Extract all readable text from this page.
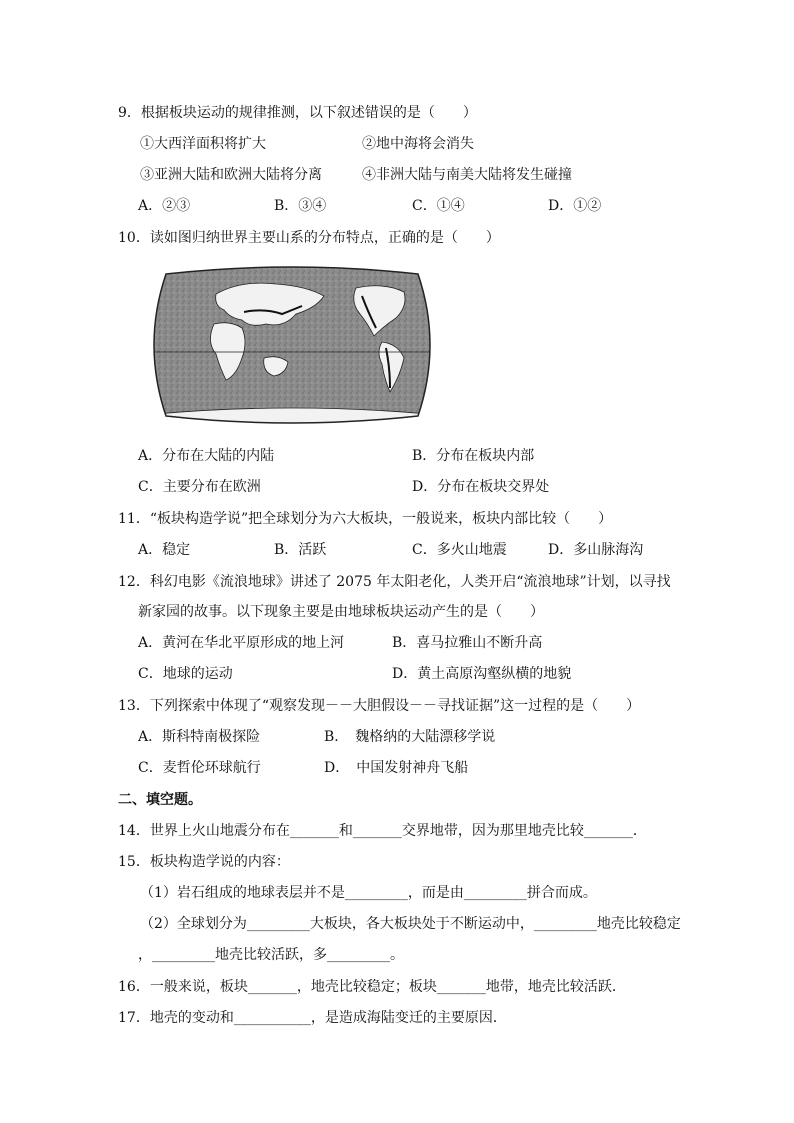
9．根据板块运动的规律推测，以下叙述错误的是（　　）
①大西洋面积将扩大	②地中海将会消失
③亚洲大陆和欧洲大陆将分离	④非洲大陆与南美大陆将发生碰撞
A．②③	B．③④	C．①④	D．①②
10．读如图归纳世界主要山系的分布特点，正确的是（　　）
A．分布在大陆的内陆	B．分布在板块内部
C．主要分布在欧洲	D．分布在板块交界处
11．“板块构造学说”把全球划分为六大板块，一般说来，板块内部比较（　　）
A．稳定	B．活跃	C．多火山地震	D．多山脉海沟
12．科幻电影《流浪地球》讲述了 2075 年太阳老化，人类开启“流浪地球”计划，以寻找
新家园的故事。以下现象主要是由地球板块运动产生的是（　　）
A．黄河在华北平原形成的地上河	B．喜马拉雅山不断升高
C．地球的运动	D．黄土高原沟壑纵横的地貌
13．下列探索中体现了“观察发现－－大胆假设－－寻找证据”这一过程的是（　　）
A．斯科特南极探险	B．　魏格纳的大陆漂移学说
C．麦哲伦环球航行	D．　中国发射神舟飞船
二、填空题。
14．世界上火山地震分布在_______和_______交界地带，因为那里地壳比较_______．
15．板块构造学说的内容：
（1）岩石组成的地球表层并不是_________，而是由_________拼合而成。
（2）全球划分为_________大板块，各大板块处于不断运动中，_________地壳比较稳定
，_________地壳比较活跃，多_________。
16．一般来说，板块_______，地壳比较稳定；板块_______地带，地壳比较活跃．
17．地壳的变动和___________，是造成海陆变迁的主要原因．
